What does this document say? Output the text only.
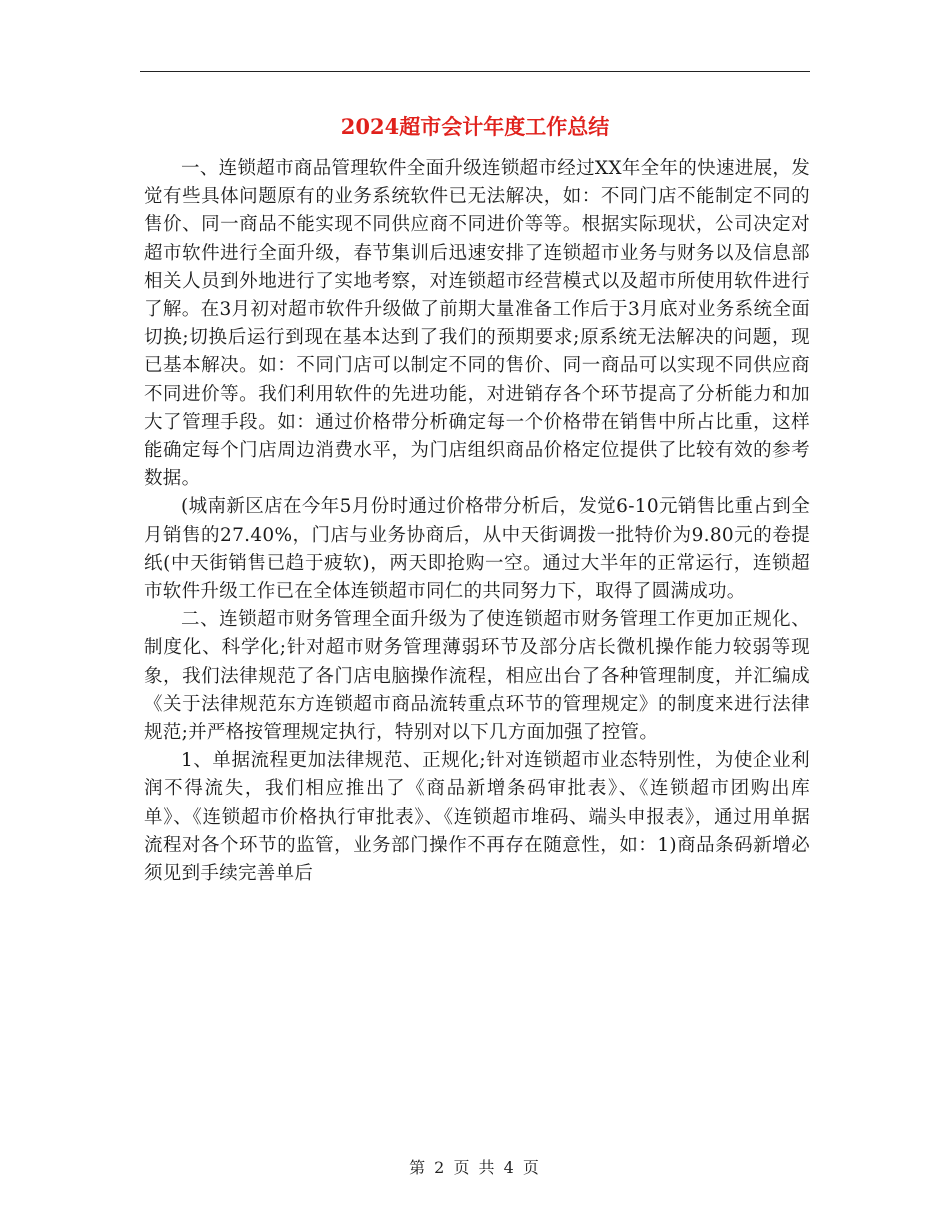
2024超市会计年度工作总结

一、连锁超市商品管理软件全面升级连锁超市经过XX年全年的快速进展，发觉有些具体问题原有的业务系统软件已无法解决，如：不同门店不能制定不同的售价、同一商品不能实现不同供应商不同进价等等。根据实际现状，公司决定对超市软件进行全面升级，春节集训后迅速安排了连锁超市业务与财务以及信息部相关人员到外地进行了实地考察，对连锁超市经营模式以及超市所使用软件进行了解。在3月初对超市软件升级做了前期大量准备工作后于3月底对业务系统全面切换;切换后运行到现在基本达到了我们的预期要求;原系统无法解决的问题，现已基本解决。如：不同门店可以制定不同的售价、同一商品可以实现不同供应商不同进价等。我们利用软件的先进功能，对进销存各个环节提高了分析能力和加大了管理手段。如：通过价格带分析确定每一个价格带在销售中所占比重，这样能确定每个门店周边消费水平，为门店组织商品价格定位提供了比较有效的参考数据。

(城南新区店在今年5月份时通过价格带分析后，发觉6-10元销售比重占到全月销售的27.40%，门店与业务协商后，从中天街调拨一批特价为9.80元的卷提纸(中天街销售已趋于疲软)，两天即抢购一空。通过大半年的正常运行，连锁超市软件升级工作已在全体连锁超市同仁的共同努力下，取得了圆满成功。

二、连锁超市财务管理全面升级为了使连锁超市财务管理工作更加正规化、制度化、科学化;针对超市财务管理薄弱环节及部分店长微机操作能力较弱等现象，我们法律规范了各门店电脑操作流程，相应出台了各种管理制度，并汇编成《关于法律规范东方连锁超市商品流转重点环节的管理规定》的制度来进行法律规范;并严格按管理规定执行，特别对以下几方面加强了控管。

1、单据流程更加法律规范、正规化;针对连锁超市业态特别性，为使企业利润不得流失，我们相应推出了《商品新增条码审批表》、《连锁超市团购出库单》、《连锁超市价格执行审批表》、《连锁超市堆码、端头申报表》，通过用单据流程对各个环节的监管，业务部门操作不再存在随意性，如：1)商品条码新增必须见到手续完善单后

第 2 页 共 4 页
